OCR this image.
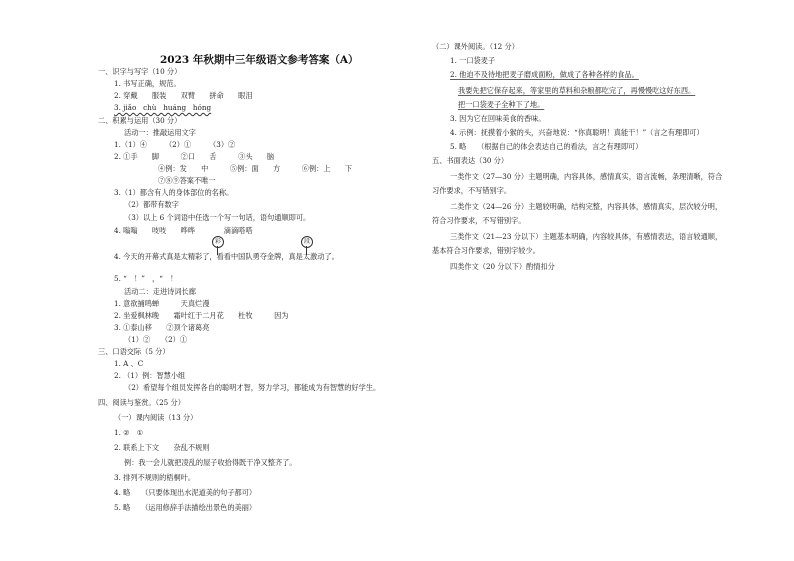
2023 年秋期中三年级语文参考答案（A）
一、识字与写字（10 分）
1. 书写正确，规范。
2. 穿戴　　服装　　双臂　　拼命　　眼泪
3. jiǎo   chù   huáng   hóng
二、积累与运用（30 分）
活动一：推敲运用文字
1.（1）④　　　（2）①　　　（3）②
2. ①手　　脚　　　②口　　舌　　　③头　　脑
④例：发　　中　　　⑤例：面　　方　　　⑥例：上　　下
⑦⑧⑨答案不唯一
3.（1）都含有人的身体部位的名称。
（2）都带有数字
（3）以上 6 个词语中任选一个写一句话，语句通顺即可。
4. 嗡嗡　　吱吱　　哗哗　　　　滴滴嗒嗒
彩	段
4. 今天的开幕式真是太精彩了，看看中国队勇夺金牌，真是太激动了。
5. “　！”　，“　！
活动二：走进诗词长廊
1. 意欲捕鸣蝉　　　天真烂漫
2. 坐爱枫林晚　　霜叶红于二月花　　杜牧　　　因为
3. ①泰山移　　②顶个诸葛亮
（1）②　　（2）①
三、口语交际（5 分）
1. A 、C
2. （1）例：智慧小组
（2）希望每个组员发挥各自的聪明才智，努力学习，都能成为有智慧的好学生。
四、阅读与鉴赏。（25 分）
（一）课内阅读（13 分）
1. ②　①
2. 联系上下文　　杂乱不规则
例：我一会儿就把凌乱的屋子收拾得既干净又整齐了。
3. 排列不规则的梧桐叶。
4. 略　　（只要体现出水泥道美的句子都可）
5. 略　　（运用修辞手法描绘出景色的美丽）
（二）课外阅读。（12 分）
1. 一口袋麦子
2. 他迫不及待地把麦子磨成面粉，做成了各种各样的食品。
我要先把它保存起来，等家里的草料和杂粮都吃完了，再慢慢吃这好东西。
把一口袋麦子全种下了地。
3. 因为它在回味美食的香味。
4. 示例：抚摸着小猴的头，兴奋地说：“你真聪明！真能干！”（言之有理即可）
5. 略　　（根据自己的体会表达自己的看法，言之有理即可）
五、书面表达（30 分）
一类作文（27—30 分）主题明确，内容具体，感情真实，语言流畅，条理清晰，符合
习作要求，不写错别字。
二类作文（24—26 分）主题较明确，结构完整，内容具体，感情真实，层次较分明，
符合习作要求，不写错别字。
三类作文（21—23 分以下）主题基本明确，内容较具体，有感情表达，语言较通顺，
基本符合习作要求，错别字较少。
四类作文（20 分以下）酌情扣分
